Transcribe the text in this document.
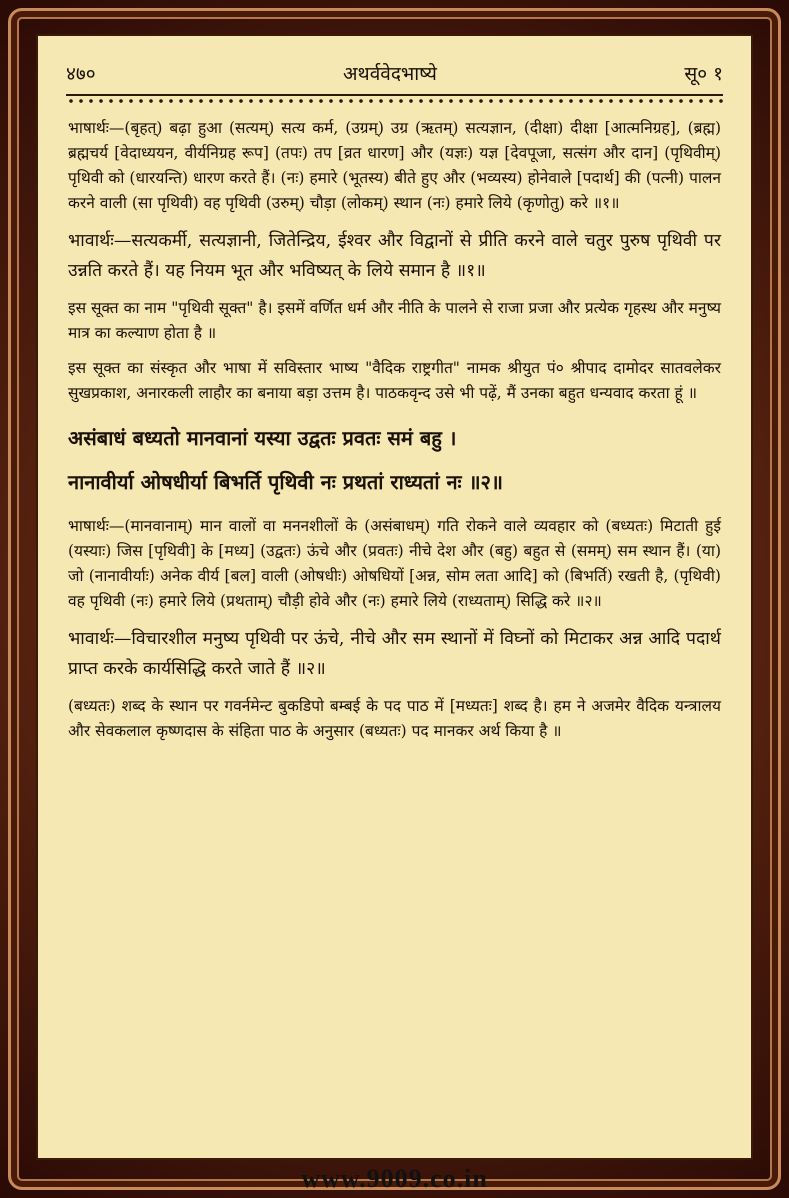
४७०	अथर्ववेदभाष्ये	सू० १

भाषार्थः—(बृहत्) बढ़ा हुआ (सत्यम्) सत्य कर्म, (उग्रम्) उग्र (ऋतम्) सत्यज्ञान, (दीक्षा) दीक्षा [आत्मनिग्रह], (ब्रह्म) ब्रह्मचर्य [वेदाध्ययन, वीर्यनिग्रह रूप] (तपः) तप [व्रत धारण] और (यज्ञः) यज्ञ [देवपूजा, सत्संग और दान] (पृथिवीम्) पृथिवी को (धारयन्ति) धारण करते हैं। (नः) हमारे (भूतस्य) बीते हुए और (भव्यस्य) होनेवाले [पदार्थ] की (पत्नी) पालन करने वाली (सा पृथिवी) वह पृथिवी (उरुम्) चौड़ा (लोकम्) स्थान (नः) हमारे लिये (कृणोतु) करे ॥१॥

भावार्थः—सत्यकर्मी, सत्यज्ञानी, जितेन्द्रिय, ईश्वर और विद्वानों से प्रीति करने वाले चतुर पुरुष पृथिवी पर उन्नति करते हैं। यह नियम भूत और भविष्यत् के लिये समान है ॥१॥

इस सूक्त का नाम "पृथिवी सूक्त" है। इसमें वर्णित धर्म और नीति के पालने से राजा प्रजा और प्रत्येक गृहस्थ और मनुष्य मात्र का कल्याण होता है ॥

इस सूक्त का संस्कृत और भाषा में सविस्तार भाष्य "वैदिक राष्ट्रगीत" नामक श्रीयुत पं० श्रीपाद दामोदर सातवलेकर सुखप्रकाश, अनारकली लाहौर का बनाया बड़ा उत्तम है। पाठकवृन्द उसे भी पढ़ें, मैं उनका बहुत धन्यवाद करता हूं ॥

असंबाधं बध्यतो मानवानां यस्या उद्वतः प्रवतः समं बहु ।
नानावीर्या ओषधीर्या बिभर्ति पृथिवी नः प्रथतां राध्यतां नः ॥२॥

भाषार्थः—(मानवानाम्) मान वालों वा मननशीलों के (असंबाधम्) गति रोकने वाले व्यवहार को (बध्यतः) मिटाती हुई (यस्याः) जिस [पृथिवी] के [मध्य] (उद्वतः) ऊंचे और (प्रवतः) नीचे देश और (बहु) बहुत से (समम्) सम स्थान हैं। (या) जो (नानावीर्याः) अनेक वीर्य [बल] वाली (ओषधीः) ओषधियों [अन्न, सोम लता आदि] को (बिभर्ति) रखती है, (पृथिवी) वह पृथिवी (नः) हमारे लिये (प्रथताम्) चौड़ी होवे और (नः) हमारे लिये (राध्यताम्) सिद्धि करे ॥२॥

भावार्थः—विचारशील मनुष्य पृथिवी पर ऊंचे, नीचे और सम स्थानों में विघ्नों को मिटाकर अन्न आदि पदार्थ प्राप्त करके कार्यसिद्धि करते जाते हैं ॥२॥

(बध्यतः) शब्द के स्थान पर गवर्नमेन्ट बुकडिपो बम्बई के पद पाठ में [मध्यतः] शब्द है। हम ने अजमेर वैदिक यन्त्रालय और सेवकलाल कृष्णदास के संहिता पाठ के अनुसार (बध्यतः) पद मानकर अर्थ किया है ॥

www.9009.co.in
